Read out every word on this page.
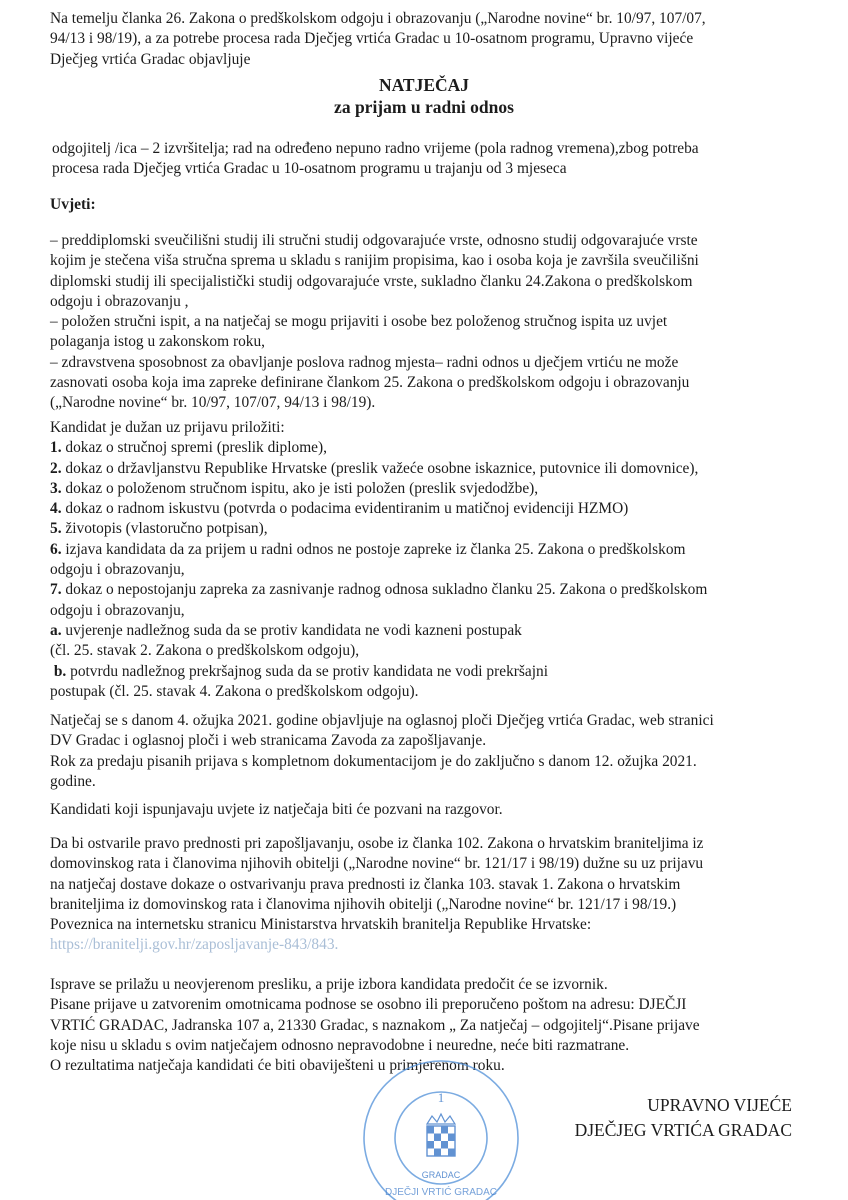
Na temelju članka 26. Zakona o predškolskom odgoju i obrazovanju („Narodne novine“ br. 10/97, 107/07,
94/13 i 98/19), a za potrebe procesa rada Dječjeg vrtića Gradac u 10-osatnom programu, Upravno vijeće
Dječjeg vrtića Gradac objavljuje
NATJEČAJ
za prijam u radni odnos
odgojitelj /ica – 2 izvršitelja; rad na određeno nepuno radno vrijeme (pola radnog vremena),zbog potreba
procesa rada Dječjeg vrtića Gradac u 10-osatnom programu u trajanju od 3 mjeseca
Uvjeti:
– preddiplomski sveučilišni studij ili stručni studij odgovarajuće vrste, odnosno studij odgovarajuće vrste
kojim je stečena viša stručna sprema u skladu s ranijim propisima, kao i osoba koja je završila sveučilišni
diplomski studij ili specijalistički studij odgovarajuće vrste, sukladno članku 24.Zakona o predškolskom
odgoju i obrazovanju ,
– položen stručni ispit, a na natječaj se mogu prijaviti i osobe bez položenog stručnog ispita uz uvjet
polaganja istog u zakonskom roku,
– zdravstvena sposobnost za obavljanje poslova radnog mjesta– radni odnos u dječjem vrtiću ne može
zasnovati osoba koja ima zapreke definirane člankom 25. Zakona o predškolskom odgoju i obrazovanju
(„Narodne novine“ br. 10/97, 107/07, 94/13 i 98/19).
Kandidat je dužan uz prijavu priložiti:
1. dokaz o stručnoj spremi (preslik diplome),
2. dokaz o državljanstvu Republike Hrvatske (preslik važeće osobne iskaznice, putovnice ili domovnice),
3. dokaz o položenom stručnom ispitu, ako je isti položen (preslik svjedodžbe),
4. dokaz o radnom iskustvu (potvrda o podacima evidentiranim u matičnoj evidenciji HZMO)
5. životopis (vlastoručno potpisan),
6. izjava kandidata da za prijem u radni odnos ne postoje zapreke iz članka 25. Zakona o predškolskom
odgoju i obrazovanju,
7. dokaz o nepostojanju zapreka za zasnivanje radnog odnosa sukladno članku 25. Zakona o predškolskom
odgoju i obrazovanju,
a. uvjerenje nadležnog suda da se protiv kandidata ne vodi kazneni postupak
(čl. 25. stavak 2. Zakona o predškolskom odgoju),
b. potvrdu nadležnog prekršajnog suda da se protiv kandidata ne vodi prekršajni
postupak (čl. 25. stavak 4. Zakona o predškolskom odgoju).
Natječaj se s danom 4. ožujka 2021. godine objavljuje na oglasnoj ploči Dječjeg vrtića Gradac, web stranici
DV Gradac i oglasnoj ploči i web stranicama Zavoda za zapošljavanje.
Rok za predaju pisanih prijava s kompletnom dokumentacijom je do zaključno s danom 12. ožujka 2021.
godine.
Kandidati koji ispunjavaju uvjete iz natječaja biti će pozvani na razgovor.
Da bi ostvarile pravo prednosti pri zapošljavanju, osobe iz članka 102. Zakona o hrvatskim braniteljima iz
domovinskog rata i članovima njihovih obitelji („Narodne novine“ br. 121/17 i 98/19) dužne su uz prijavu
na natječaj dostave dokaze o ostvarivanju prava prednosti iz članka 103. stavak 1. Zakona o hrvatskim
braniteljima iz domovinskog rata i članovima njihovih obitelji („Narodne novine“ br. 121/17 i 98/19.)
Poveznica na internetsku stranicu Ministarstva hrvatskih branitelja Republike Hrvatske:
https://branitelji.gov.hr/zaposljavanje-843/843.
Isprave se prilažu u neovjerenom presliku, a prije izbora kandidata predočit će se izvornik.
Pisane prijave u zatvorenim omotnicama podnose se osobno ili preporučeno poštom na adresu: DJEČJI
VRTIĆ GRADAC, Jadranska 107 a, 21330 Gradac, s naznakom „ Za natječaj – odgojitelj“.Pisane prijave
koje nisu u skladu s ovim natječajem odnosno nepravodobne i neuredne, neće biti razmatrane.
O rezultatima natječaja kandidati će biti obaviješteni u primjerenom roku.
1
GRADAC
DJEČJI VRTIĆ GRADAC
UPRAVNO VIJEĆE
DJEČJEG VRTIĆA GRADAC
